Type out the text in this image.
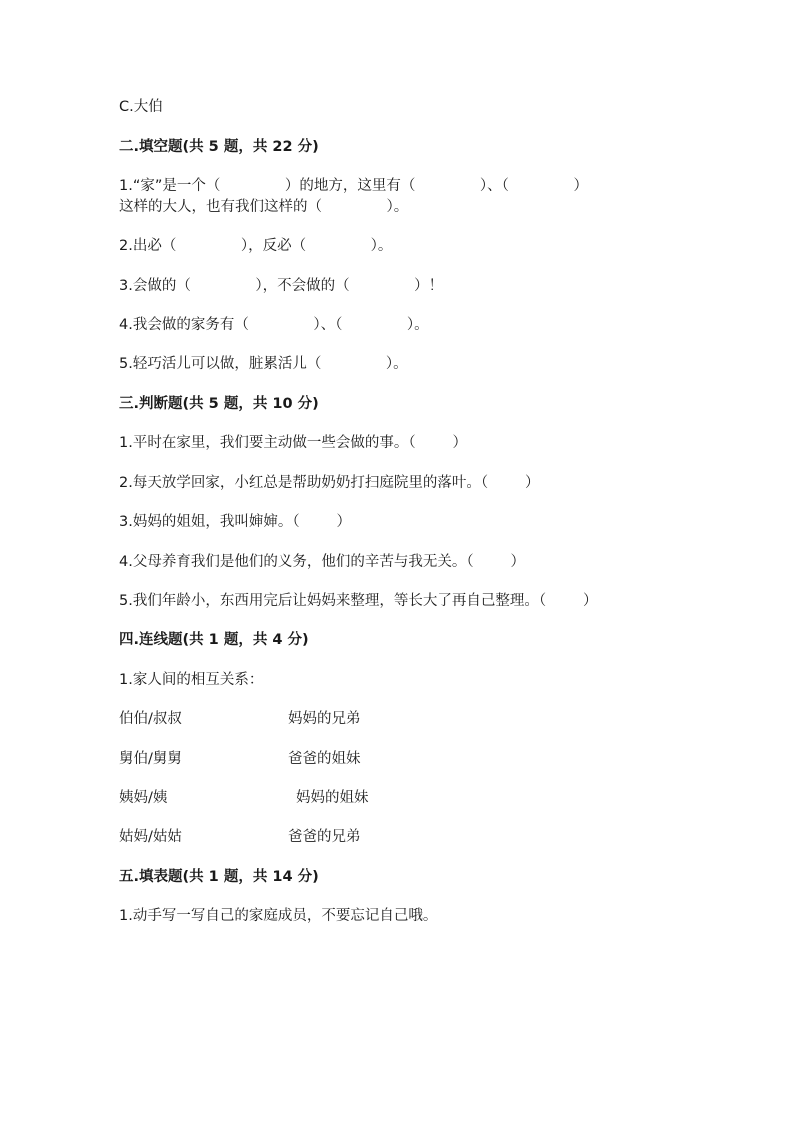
C.大伯
二.填空题(共 5 题，共 22 分)
1.“家”是一个（              ）的地方，这里有（              ）、（              ）
这样的大人，也有我们这样的（              ）。
2.出必（              ），反必（              ）。
3.会做的（              ），不会做的（              ）！
4.我会做的家务有（              ）、（              ）。
5.轻巧活儿可以做，脏累活儿（              ）。
三.判断题(共 5 题，共 10 分)
1.平时在家里，我们要主动做一些会做的事。（        ）
2.每天放学回家，小红总是帮助奶奶打扫庭院里的落叶。（        ）
3.妈妈的姐姐，我叫婶婶。（        ）
4.父母养育我们是他们的义务，他们的辛苦与我无关。（        ）
5.我们年龄小，东西用完后让妈妈来整理，等长大了再自己整理。（        ）
四.连线题(共 1 题，共 4 分)
1.家人间的相互关系：
伯伯/叔叔	妈妈的兄弟
舅伯/舅舅	爸爸的姐妹
姨妈/姨	妈妈的姐妹
姑妈/姑姑	爸爸的兄弟
五.填表题(共 1 题，共 14 分)
1.动手写一写自己的家庭成员，不要忘记自己哦。
